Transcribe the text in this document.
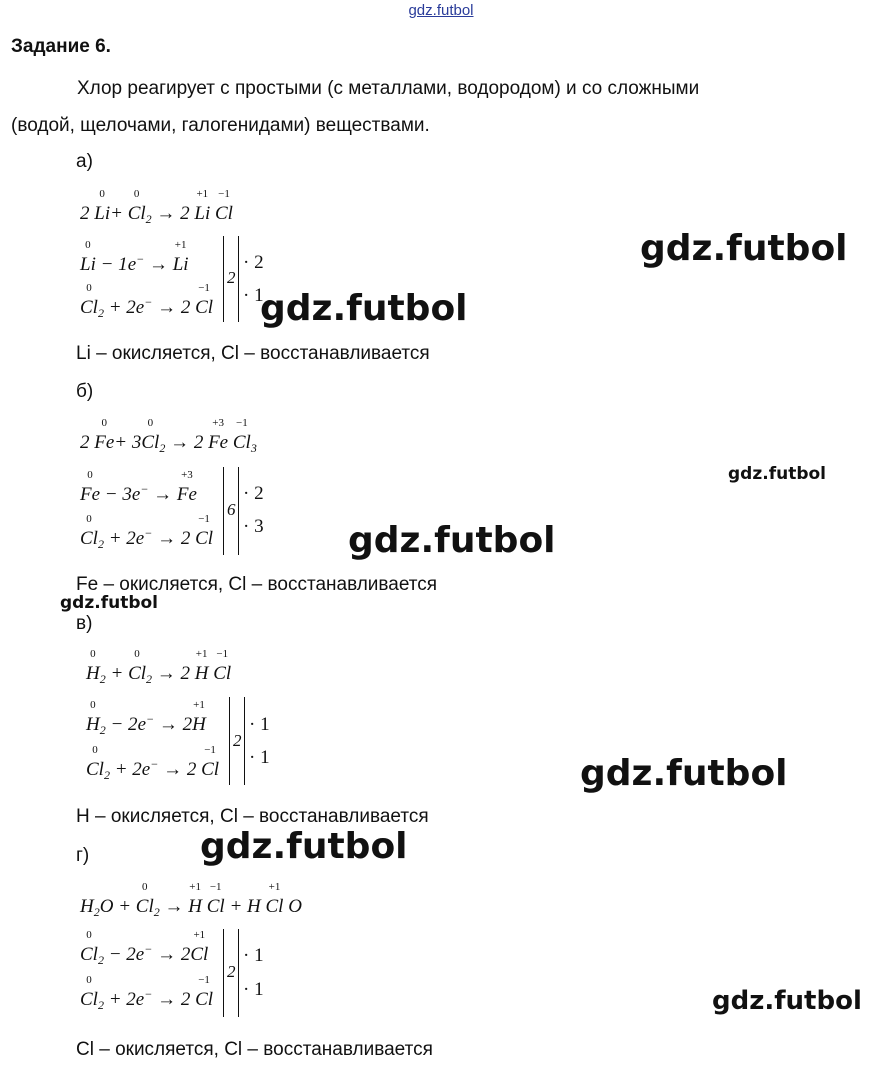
gdz.futbol
Задание 6.
Хлор реагирует с простыми (с металлами, водородом) и со сложными
(водой, щелочами, галогенидами) веществами.
а)
2
0
Li+
0
$Cl_2 \to 2$
+1
Li
−1
Cl
0
Li − 1e− →
+1
Li
0
$Cl_2 + 2e^- \to 2$
−1
Cl
2
· 2
· 1
Li – окисляется, Cl – восстанавливается
б)
2
0
Fe+ 3
0
$Cl_2 \to 2$
+3
Fe
−1
$Cl_3$
0
Fe − 3e− →
+3
Fe
0
$Cl_2 + 2e^- \to 2$
−1
Cl
6
· 2
· 3
Fe – окисляется, Cl – восстанавливается
в)
0
$H_2$ +
0
$Cl_2 \to 2$
+1
H
−1
Cl
0
$H_2 - 2e^- \to 2$
+1
H
0
$Cl_2 + 2e^- \to 2$
−1
Cl
2
· 1
· 1
H – окисляется, Cl – восстанавливается
г)
$H_2O$ +
0
$Cl_2$ →
+1
H
−1
Cl + H
+1
Cl O
0
$Cl_2 - 2e^- \to 2$
+1
Cl
0
$Cl_2 + 2e^- \to 2$
−1
Cl
2
· 1
· 1
Cl – окисляется, Cl – восстанавливается
gdz.futbol
gdz.futbol
gdz.futbol
gdz.futbol
gdz.futbol
gdz.futbol
gdz.futbol
gdz.futbol
